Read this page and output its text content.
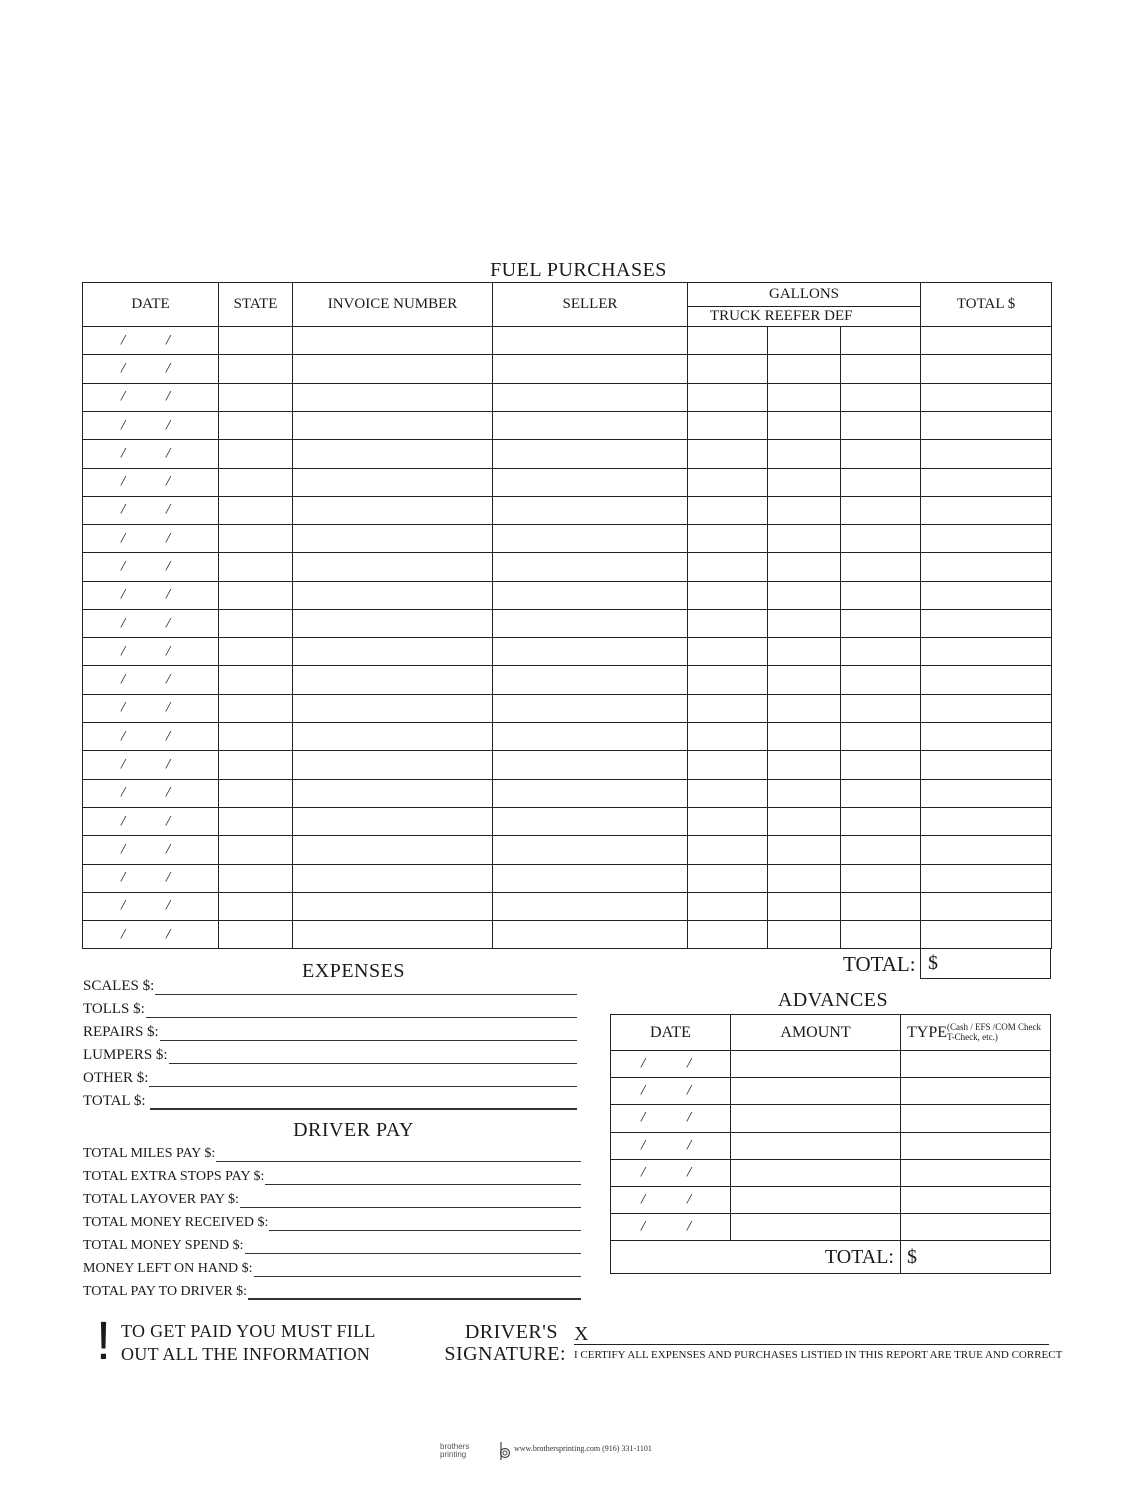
FUEL PURCHASES
DATE	STATE	INVOICE NUMBER	SELLER	GALLONS			TOTAL $
				TRUCK REEFER DEF			

/ /							

/ /							

/ /							

/ /							

/ /							

/ /							

/ /							

/ /							

/ /							

/ /							

/ /							

/ /							

/ /							

/ /							

/ /							

/ /							

/ /							

/ /							

/ /							

/ /							

/ /							

/ /							

TOTAL: $
EXPENSES
SCALES $:
TOLLS $:
REPAIRS $:
LUMPERS $:
OTHER $:
TOTAL $:
DRIVER PAY
TOTAL MILES PAY $:
TOTAL EXTRA STOPS PAY $:
TOTAL LAYOVER PAY $:
TOTAL MONEY RECEIVED $:
TOTAL MONEY SPEND $:
MONEY LEFT ON HAND $:
TOTAL PAY TO DRIVER $:
ADVANCES
DATE	AMOUNT	TYPE(Cash / EFS /COM Check T-Check, etc.)

/ /		

/ /		

/ /		

/ /		

/ /		

/ /		

/ /		

TOTAL:		$
! TO GET PAID YOU MUST FILL
OUT ALL THE INFORMATION
DRIVER'S
SIGNATURE:
X
I CERTIFY ALL EXPENSES AND PURCHASES LISTIED IN THIS REPORT ARE TRUE AND CORRECT
brothers
printing

www.brothersprinting.com (916) 331-1101
